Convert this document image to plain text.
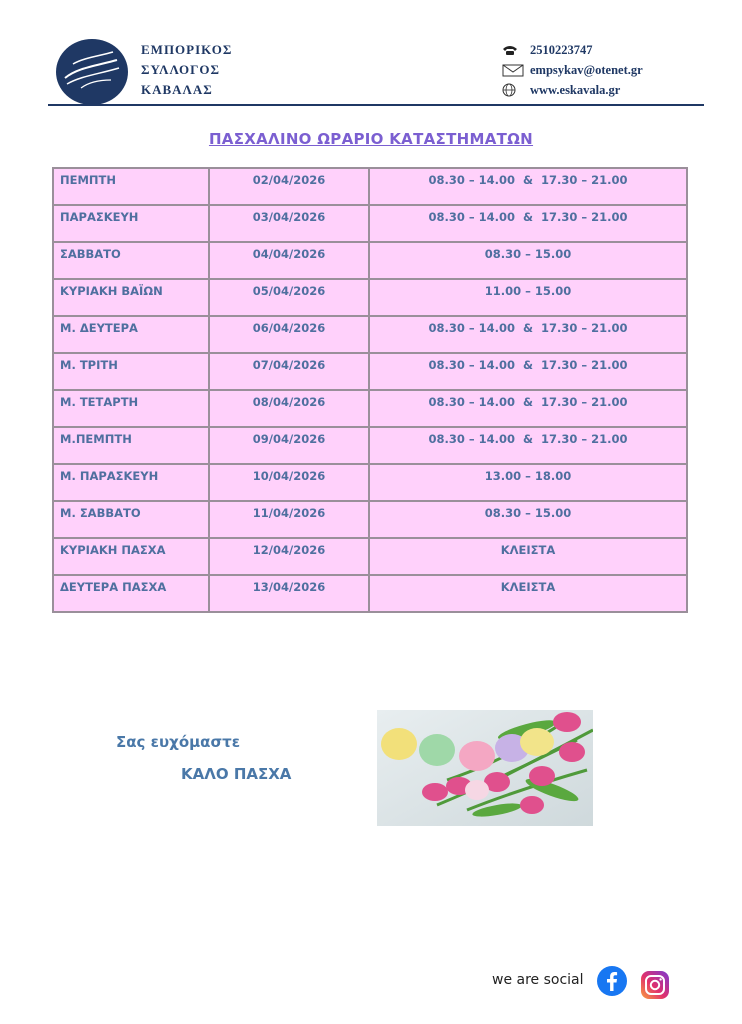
ΕΜΠΟΡΙΚΟΣ
ΣΥΛΛΟΓΟΣ
ΚΑΒΑΛΑΣ
2510223747
empsykav@otenet.gr
www.eskavala.gr
ΠΑΣΧΑΛΙΝΟ ΩΡΑΡΙΟ ΚΑΤΑΣΤΗΜΑΤΩΝ
ΠΕΜΠΤΗ	02/04/2026	08.30 – 14.00  &  17.30 – 21.00

ΠΑΡΑΣΚΕΥΗ	03/04/2026	08.30 – 14.00  &  17.30 – 21.00

ΣΑΒΒΑΤΟ	04/04/2026	08.30 – 15.00

ΚΥΡΙΑΚΗ ΒΑΪΩΝ	05/04/2026	11.00 – 15.00

Μ. ΔΕΥΤΕΡΑ	06/04/2026	08.30 – 14.00  &  17.30 – 21.00

Μ. ΤΡΙΤΗ	07/04/2026	08.30 – 14.00  &  17.30 – 21.00

Μ. ΤΕΤΑΡΤΗ	08/04/2026	08.30 – 14.00  &  17.30 – 21.00

Μ.ΠΕΜΠΤΗ	09/04/2026	08.30 – 14.00  &  17.30 – 21.00

Μ. ΠΑΡΑΣΚΕΥΗ	10/04/2026	13.00 – 18.00

Μ. ΣΑΒΒΑΤΟ	11/04/2026	08.30 – 15.00

ΚΥΡΙΑΚΗ ΠΑΣΧΑ	12/04/2026	ΚΛΕΙΣΤΑ

ΔΕΥΤΕΡΑ ΠΑΣΧΑ	13/04/2026	ΚΛΕΙΣΤΑ
Σας ευχόμαστε
ΚΑΛΟ ΠΑΣΧΑ
we are social
